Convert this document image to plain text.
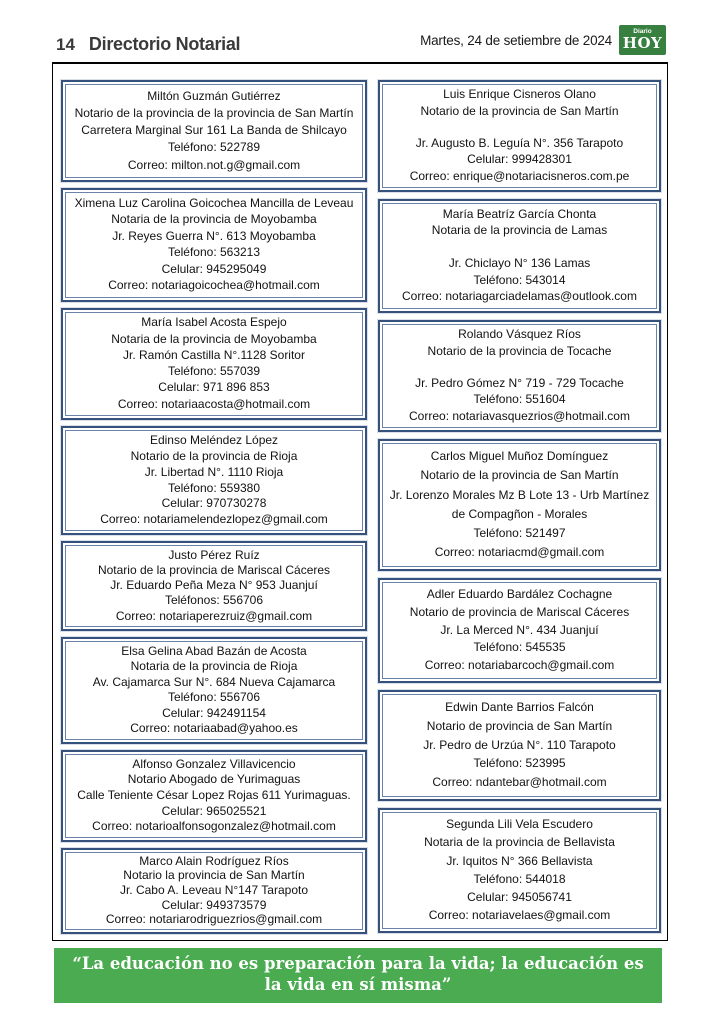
14 Directorio Notarial	Martes, 24 de setiembre de 2024
Diario
HOY
Miltón Guzmán Gutiérrez
Notario de la provincia de la provincia de San Martín
Carretera Marginal Sur 161 La Banda de Shilcayo
Teléfono: 522789
Correo: milton.not.g@gmail.com
Ximena Luz Carolina Goicochea Mancilla de Leveau
Notaria de la provincia de Moyobamba
Jr. Reyes Guerra N°. 613 Moyobamba
Teléfono: 563213
Celular: 945295049
Correo: notariagoicochea@hotmail.com
María Isabel Acosta Espejo
Notaria de la provincia de Moyobamba
Jr. Ramón Castilla N°.1128 Soritor
Teléfono: 557039
Celular: 971 896 853
Correo: notariaacosta@hotmail.com
Edinso Meléndez López
Notario de la provincia de Rioja
Jr. Libertad N°. 1110 Rioja
Teléfono: 559380
Celular: 970730278
Correo: notariamelendezlopez@gmail.com
Justo Pérez Ruíz
Notario de la provincia de Mariscal Cáceres
Jr. Eduardo Peña Meza N° 953 Juanjuí
Teléfonos: 556706
Correo: notariaperezruiz@gmail.com
Elsa Gelina Abad Bazán de Acosta
Notaria de la provincia de Rioja
Av. Cajamarca Sur N°. 684 Nueva Cajamarca
Teléfono: 556706
Celular: 942491154
Correo: notariaabad@yahoo.es
Alfonso Gonzalez Villavicencio
Notario Abogado de Yurimaguas
Calle Teniente César Lopez Rojas 611 Yurimaguas.
Celular: 965025521
Correo: notarioalfonsogonzalez@hotmail.com
Marco Alain Rodríguez Ríos
Notario la provincia de San Martín
Jr. Cabo A. Leveau N°147 Tarapoto
Celular: 949373579
Correo: notariarodriguezrios@gmail.com
Luis Enrique Cisneros Olano
Notario de la provincia de San Martín

Jr. Augusto B. Leguía N°. 356 Tarapoto
Celular: 999428301
Correo: enrique@notariacisneros.com.pe
María Beatríz García Chonta
Notaria de la provincia de Lamas

Jr. Chiclayo N° 136 Lamas
Teléfono: 543014
Correo: notariagarciadelamas@outlook.com
Rolando Vásquez Ríos
Notario de la provincia de Tocache

Jr. Pedro Gómez N° 719 - 729 Tocache
Teléfono: 551604
Correo: notariavasquezrios@hotmail.com
Carlos Miguel Muñoz Domínguez
Notario de la provincia de San Martín
Jr. Lorenzo Morales Mz B Lote 13 - Urb Martínez
de Compagñon - Morales
Teléfono: 521497
Correo: notariacmd@gmail.com
Adler Eduardo Bardález Cochagne
Notario de provincia de Mariscal Cáceres
Jr. La Merced N°. 434 Juanjuí
Teléfono: 545535
Correo: notariabarcoch@gmail.com
Edwin Dante Barrios Falcón
Notario de provincia de San Martín
Jr. Pedro de Urzúa N°. 110 Tarapoto
Teléfono: 523995
Correo: ndantebar@hotmail.com
Segunda Lili Vela Escudero
Notaria de la provincia de Bellavista
Jr. Iquitos N° 366 Bellavista
Teléfono: 544018
Celular: 945056741
Correo: notariavelaes@gmail.com
“La educación no es preparación para la vida; la educación es la vida en sí misma”
